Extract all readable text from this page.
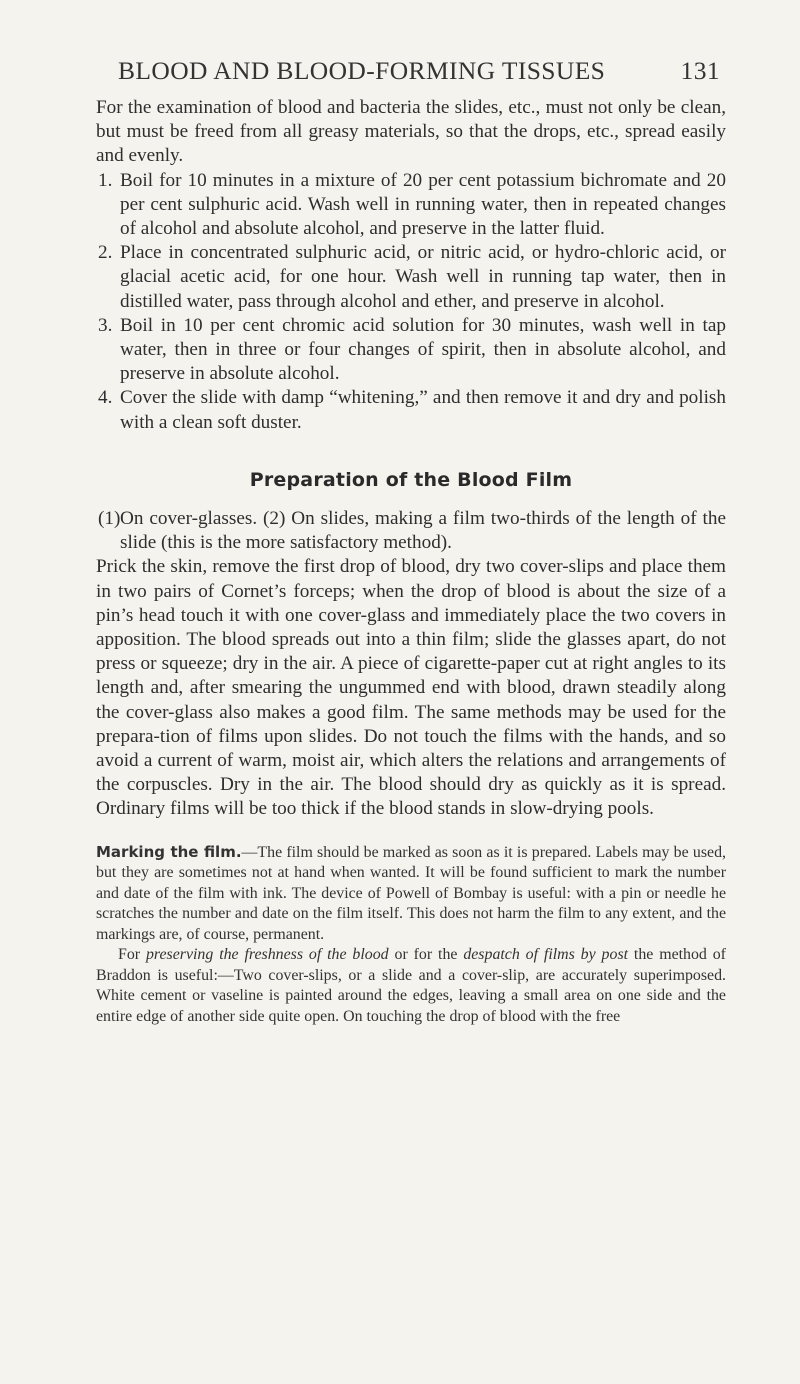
BLOOD AND BLOOD-FORMING TISSUES	131

For the examination of blood and bacteria the slides, etc., must not only be clean, but must be freed from all greasy materials, so that the drops, etc., spread easily and evenly.

1. Boil for 10 minutes in a mixture of 20 per cent potassium bichromate and 20 per cent sulphuric acid. Wash well in running water, then in repeated changes of alcohol and absolute alcohol, and preserve in the latter fluid.
2. Place in concentrated sulphuric acid, or nitric acid, or hydro-chloric acid, or glacial acetic acid, for one hour. Wash well in running tap water, then in distilled water, pass through alcohol and ether, and preserve in alcohol.
3. Boil in 10 per cent chromic acid solution for 30 minutes, wash well in tap water, then in three or four changes of spirit, then in absolute alcohol, and preserve in absolute alcohol.
4. Cover the slide with damp “whitening,” and then remove it and dry and polish with a clean soft duster.
Preparation of the Blood Film
(1) On cover-glasses. (2) On slides, making a film two-thirds of the length of the slide (this is the more satisfactory method).

Prick the skin, remove the first drop of blood, dry two cover-slips and place them in two pairs of Cornet’s forceps; when the drop of blood is about the size of a pin’s head touch it with one cover-glass and immediately place the two covers in apposition. The blood spreads out into a thin film; slide the glasses apart, do not press or squeeze; dry in the air. A piece of cigarette-paper cut at right angles to its length and, after smearing the ungummed end with blood, drawn steadily along the cover-glass also makes a good film. The same methods may be used for the prepara-tion of films upon slides. Do not touch the films with the hands, and so avoid a current of warm, moist air, which alters the relations and arrangements of the corpuscles. Dry in the air. The blood should dry as quickly as it is spread. Ordinary films will be too thick if the blood stands in slow-drying pools.

Marking the film.—The film should be marked as soon as it is prepared. Labels may be used, but they are sometimes not at hand when wanted. It will be found sufficient to mark the number and date of the film with ink. The device of Powell of Bombay is useful: with a pin or needle he scratches the number and date on the film itself. This does not harm the film to any extent, and the markings are, of course, permanent.

For preserving the freshness of the blood or for the despatch of films by post the method of Braddon is useful:—Two cover-slips, or a slide and a cover-slip, are accurately superimposed. White cement or vaseline is painted around the edges, leaving a small area on one side and the entire edge of another side quite open. On touching the drop of blood with the free
